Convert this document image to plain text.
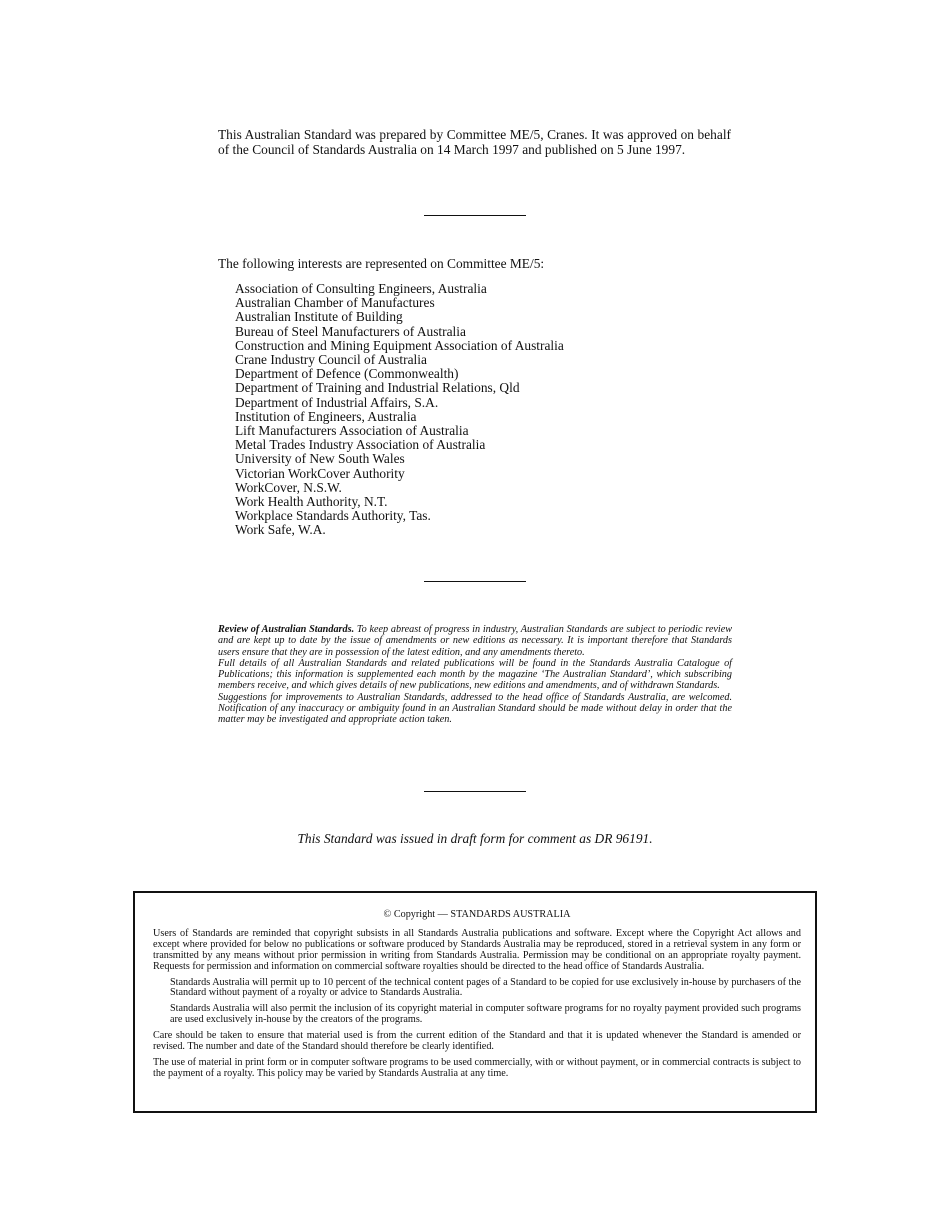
This Australian Standard was prepared by Committee ME/5, Cranes. It was approved on behalf of the Council of Standards Australia on 14 March 1997 and published on 5 June 1997.
The following interests are represented on Committee ME/5:
Association of Consulting Engineers, Australia
Australian Chamber of Manufactures
Australian Institute of Building
Bureau of Steel Manufacturers of Australia
Construction and Mining Equipment Association of Australia
Crane Industry Council of Australia
Department of Defence (Commonwealth)
Department of Training and Industrial Relations, Qld
Department of Industrial Affairs, S.A.
Institution of Engineers, Australia
Lift Manufacturers Association of Australia
Metal Trades Industry Association of Australia
University of New South Wales
Victorian WorkCover Authority
WorkCover, N.S.W.
Work Health Authority, N.T.
Workplace Standards Authority, Tas.
Work Safe, W.A.

Review of Australian Standards. To keep abreast of progress in industry, Australian Standards are subject to periodic review and are kept up to date by the issue of amendments or new editions as necessary. It is important therefore that Standards users ensure that they are in possession of the latest edition, and any amendments thereto.

Full details of all Australian Standards and related publications will be found in the Standards Australia Catalogue of Publications; this information is supplemented each month by the magazine ‘The Australian Standard’, which subscribing members receive, and which gives details of new publications, new editions and amendments, and of withdrawn Standards.

Suggestions for improvements to Australian Standards, addressed to the head office of Standards Australia, are welcomed. Notification of any inaccuracy or ambiguity found in an Australian Standard should be made without delay in order that the matter may be investigated and appropriate action taken.

This Standard was issued in draft form for comment as DR 96191.
© Copyright — STANDARDS AUSTRALIA

Users of Standards are reminded that copyright subsists in all Standards Australia publications and software. Except where the Copyright Act allows and except where provided for below no publications or software produced by Standards Australia may be reproduced, stored in a retrieval system in any form or transmitted by any means without prior permission in writing from Standards Australia. Permission may be conditional on an appropriate royalty payment. Requests for permission and information on commercial software royalties should be directed to the head office of Standards Australia.

Standards Australia will permit up to 10 percent of the technical content pages of a Standard to be copied for use exclusively in-house by purchasers of the Standard without payment of a royalty or advice to Standards Australia.

Standards Australia will also permit the inclusion of its copyright material in computer software programs for no royalty payment provided such programs are used exclusively in-house by the creators of the programs.

Care should be taken to ensure that material used is from the current edition of the Standard and that it is updated whenever the Standard is amended or revised. The number and date of the Standard should therefore be clearly identified.

The use of material in print form or in computer software programs to be used commercially, with or without payment, or in commercial contracts is subject to the payment of a royalty. This policy may be varied by Standards Australia at any time.
